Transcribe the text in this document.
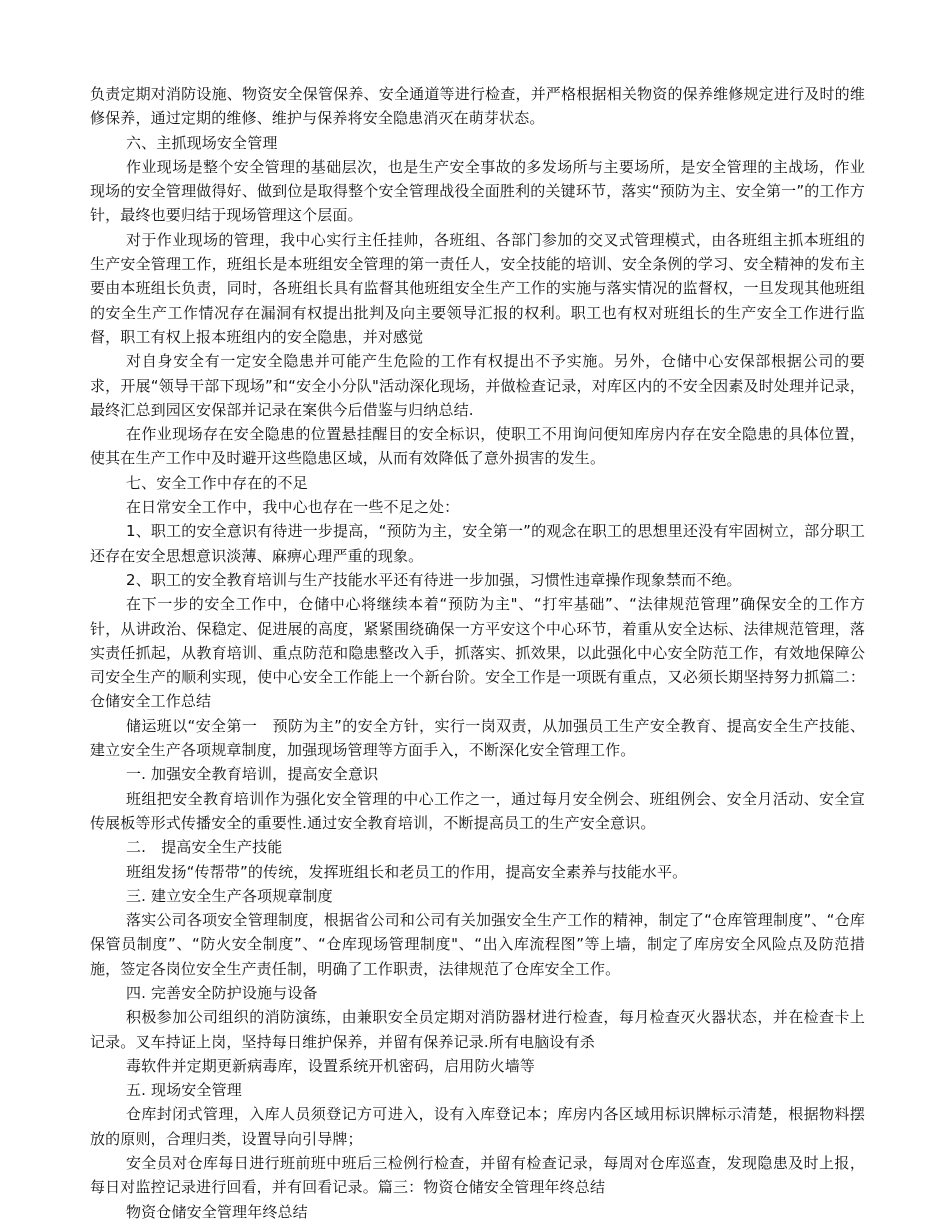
负责定期对消防设施、物资安全保管保养、安全通道等进行检查，并严格根据相关物资的保养维修规定进行及时的维修保养，通过定期的维修、维护与保养将安全隐患消灭在萌芽状态。

六、主抓现场安全管理

作业现场是整个安全管理的基础层次，也是生产安全事故的多发场所与主要场所，是安全管理的主战场，作业现场的安全管理做得好、做到位是取得整个安全管理战役全面胜利的关键环节，落实“预防为主、安全第一”的工作方针，最终也要归结于现场管理这个层面。

对于作业现场的管理，我中心实行主任挂帅，各班组、各部门参加的交叉式管理模式，由各班组主抓本班组的生产安全管理工作，班组长是本班组安全管理的第一责任人，安全技能的培训、安全条例的学习、安全精神的发布主要由本班组长负责，同时，各班组长具有监督其他班组安全生产工作的实施与落实情况的监督权，一旦发现其他班组的安全生产工作情况存在漏洞有权提出批判及向主要领导汇报的权利。职工也有权对班组长的生产安全工作进行监督，职工有权上报本班组内的安全隐患，并对感觉

对自身安全有一定安全隐患并可能产生危险的工作有权提出不予实施。另外，仓储中心安保部根据公司的要求，开展“领导干部下现场”和“安全小分队"活动深化现场，并做检查记录，对库区内的不安全因素及时处理并记录，最终汇总到园区安保部并记录在案供今后借鉴与归纳总结.

在作业现场存在安全隐患的位置悬挂醒目的安全标识，使职工不用询问便知库房内存在安全隐患的具体位置，使其在生产工作中及时避开这些隐患区域，从而有效降低了意外损害的发生。

七、安全工作中存在的不足

在日常安全工作中，我中心也存在一些不足之处：

1、职工的安全意识有待进一步提高，“预防为主，安全第一”的观念在职工的思想里还没有牢固树立，部分职工还存在安全思想意识淡薄、麻痹心理严重的现象。

2、职工的安全教育培训与生产技能水平还有待进一步加强，习惯性违章操作现象禁而不绝。

在下一步的安全工作中，仓储中心将继续本着“预防为主"、“打牢基础”、“法律规范管理”确保安全的工作方针，从讲政治、保稳定、促进展的高度，紧紧围绕确保一方平安这个中心环节，着重从安全达标、法律规范管理，落实责任抓起，从教育培训、重点防范和隐患整改入手，抓落实、抓效果，以此强化中心安全防范工作，有效地保障公司安全生产的顺利实现，使中心安全工作能上一个新台阶。安全工作是一项既有重点，又必须长期坚持努力抓篇二：仓储安全工作总结

储运班以“安全第一　预防为主”的安全方针，实行一岗双责，从加强员工生产安全教育、提高安全生产技能、建立安全生产各项规章制度，加强现场管理等方面手入，不断深化安全管理工作。

一. 加强安全教育培训，提高安全意识

班组把安全教育培训作为强化安全管理的中心工作之一，通过每月安全例会、班组例会、安全月活动、安全宣传展板等形式传播安全的重要性.通过安全教育培训，不断提高员工的生产安全意识。

二.　提高安全生产技能

班组发扬“传帮带”的传统，发挥班组长和老员工的作用，提高安全素养与技能水平。

三. 建立安全生产各项规章制度

落实公司各项安全管理制度，根据省公司和公司有关加强安全生产工作的精神，制定了“仓库管理制度”、“仓库保管员制度”、“防火安全制度”、“仓库现场管理制度"、“出入库流程图”等上墙，制定了库房安全风险点及防范措施，签定各岗位安全生产责任制，明确了工作职责，法律规范了仓库安全工作。

四. 完善安全防护设施与设备

积极参加公司组织的消防演练，由兼职安全员定期对消防器材进行检查，每月检查灭火器状态，并在检查卡上记录。叉车持证上岗，坚持每日维护保养，并留有保养记录.所有电脑设有杀

毒软件并定期更新病毒库，设置系统开机密码，启用防火墙等

五. 现场安全管理

仓库封闭式管理，入库人员须登记方可进入，设有入库登记本；库房内各区域用标识牌标示清楚，根据物料摆放的原则，合理归类，设置导向引导牌；

安全员对仓库每日进行班前班中班后三检例行检查，并留有检查记录，每周对仓库巡查，发现隐患及时上报，每日对监控记录进行回看，并有回看记录。篇三：物资仓储安全管理年终总结

物资仓储安全管理年终总结
